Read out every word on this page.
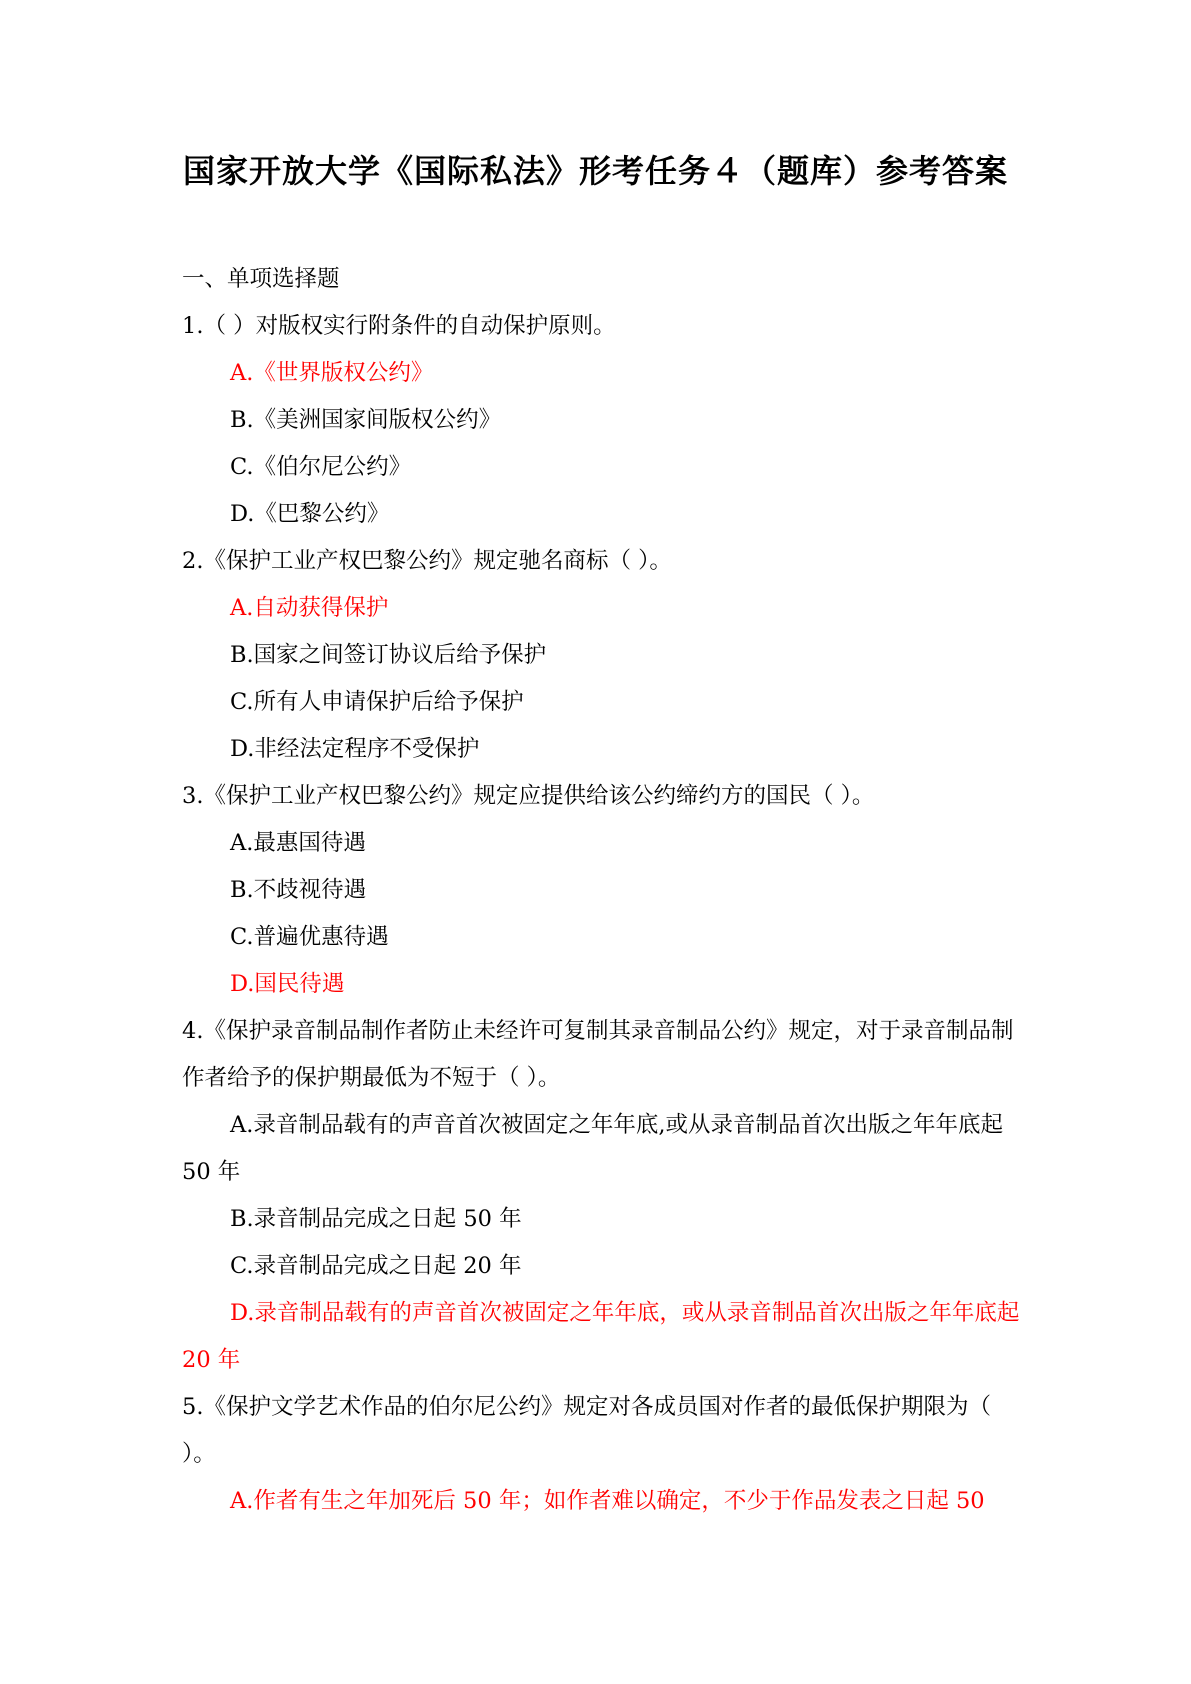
国家开放大学《国际私法》形考任务４（题库）参考答案

一、单项选择题

1.（ ）对版权实行附条件的自动保护原则。

A.《世界版权公约》

B.《美洲国家间版权公约》

C.《伯尔尼公约》

D.《巴黎公约》

2.《保护工业产权巴黎公约》规定驰名商标（ ）。

A.自动获得保护

B.国家之间签订协议后给予保护

C.所有人申请保护后给予保护

D.非经法定程序不受保护

3.《保护工业产权巴黎公约》规定应提供给该公约缔约方的国民（ ）。

A.最惠国待遇

B.不歧视待遇

C.普遍优惠待遇

D.国民待遇

4.《保护录音制品制作者防止未经许可复制其录音制品公约》规定，对于录音制品制作者给予的保护期最低为不短于（ ）。

A.录音制品载有的声音首次被固定之年年底,或从录音制品首次出版之年年底起 50 年

B.录音制品完成之日起 50 年

C.录音制品完成之日起 20 年

D.录音制品载有的声音首次被固定之年年底，或从录音制品首次出版之年年底起 20 年

5.《保护文学艺术作品的伯尔尼公约》规定对各成员国对作者的最低保护期限为（ ）。

A.作者有生之年加死后 50 年；如作者难以确定，不少于作品发表之日起 50
